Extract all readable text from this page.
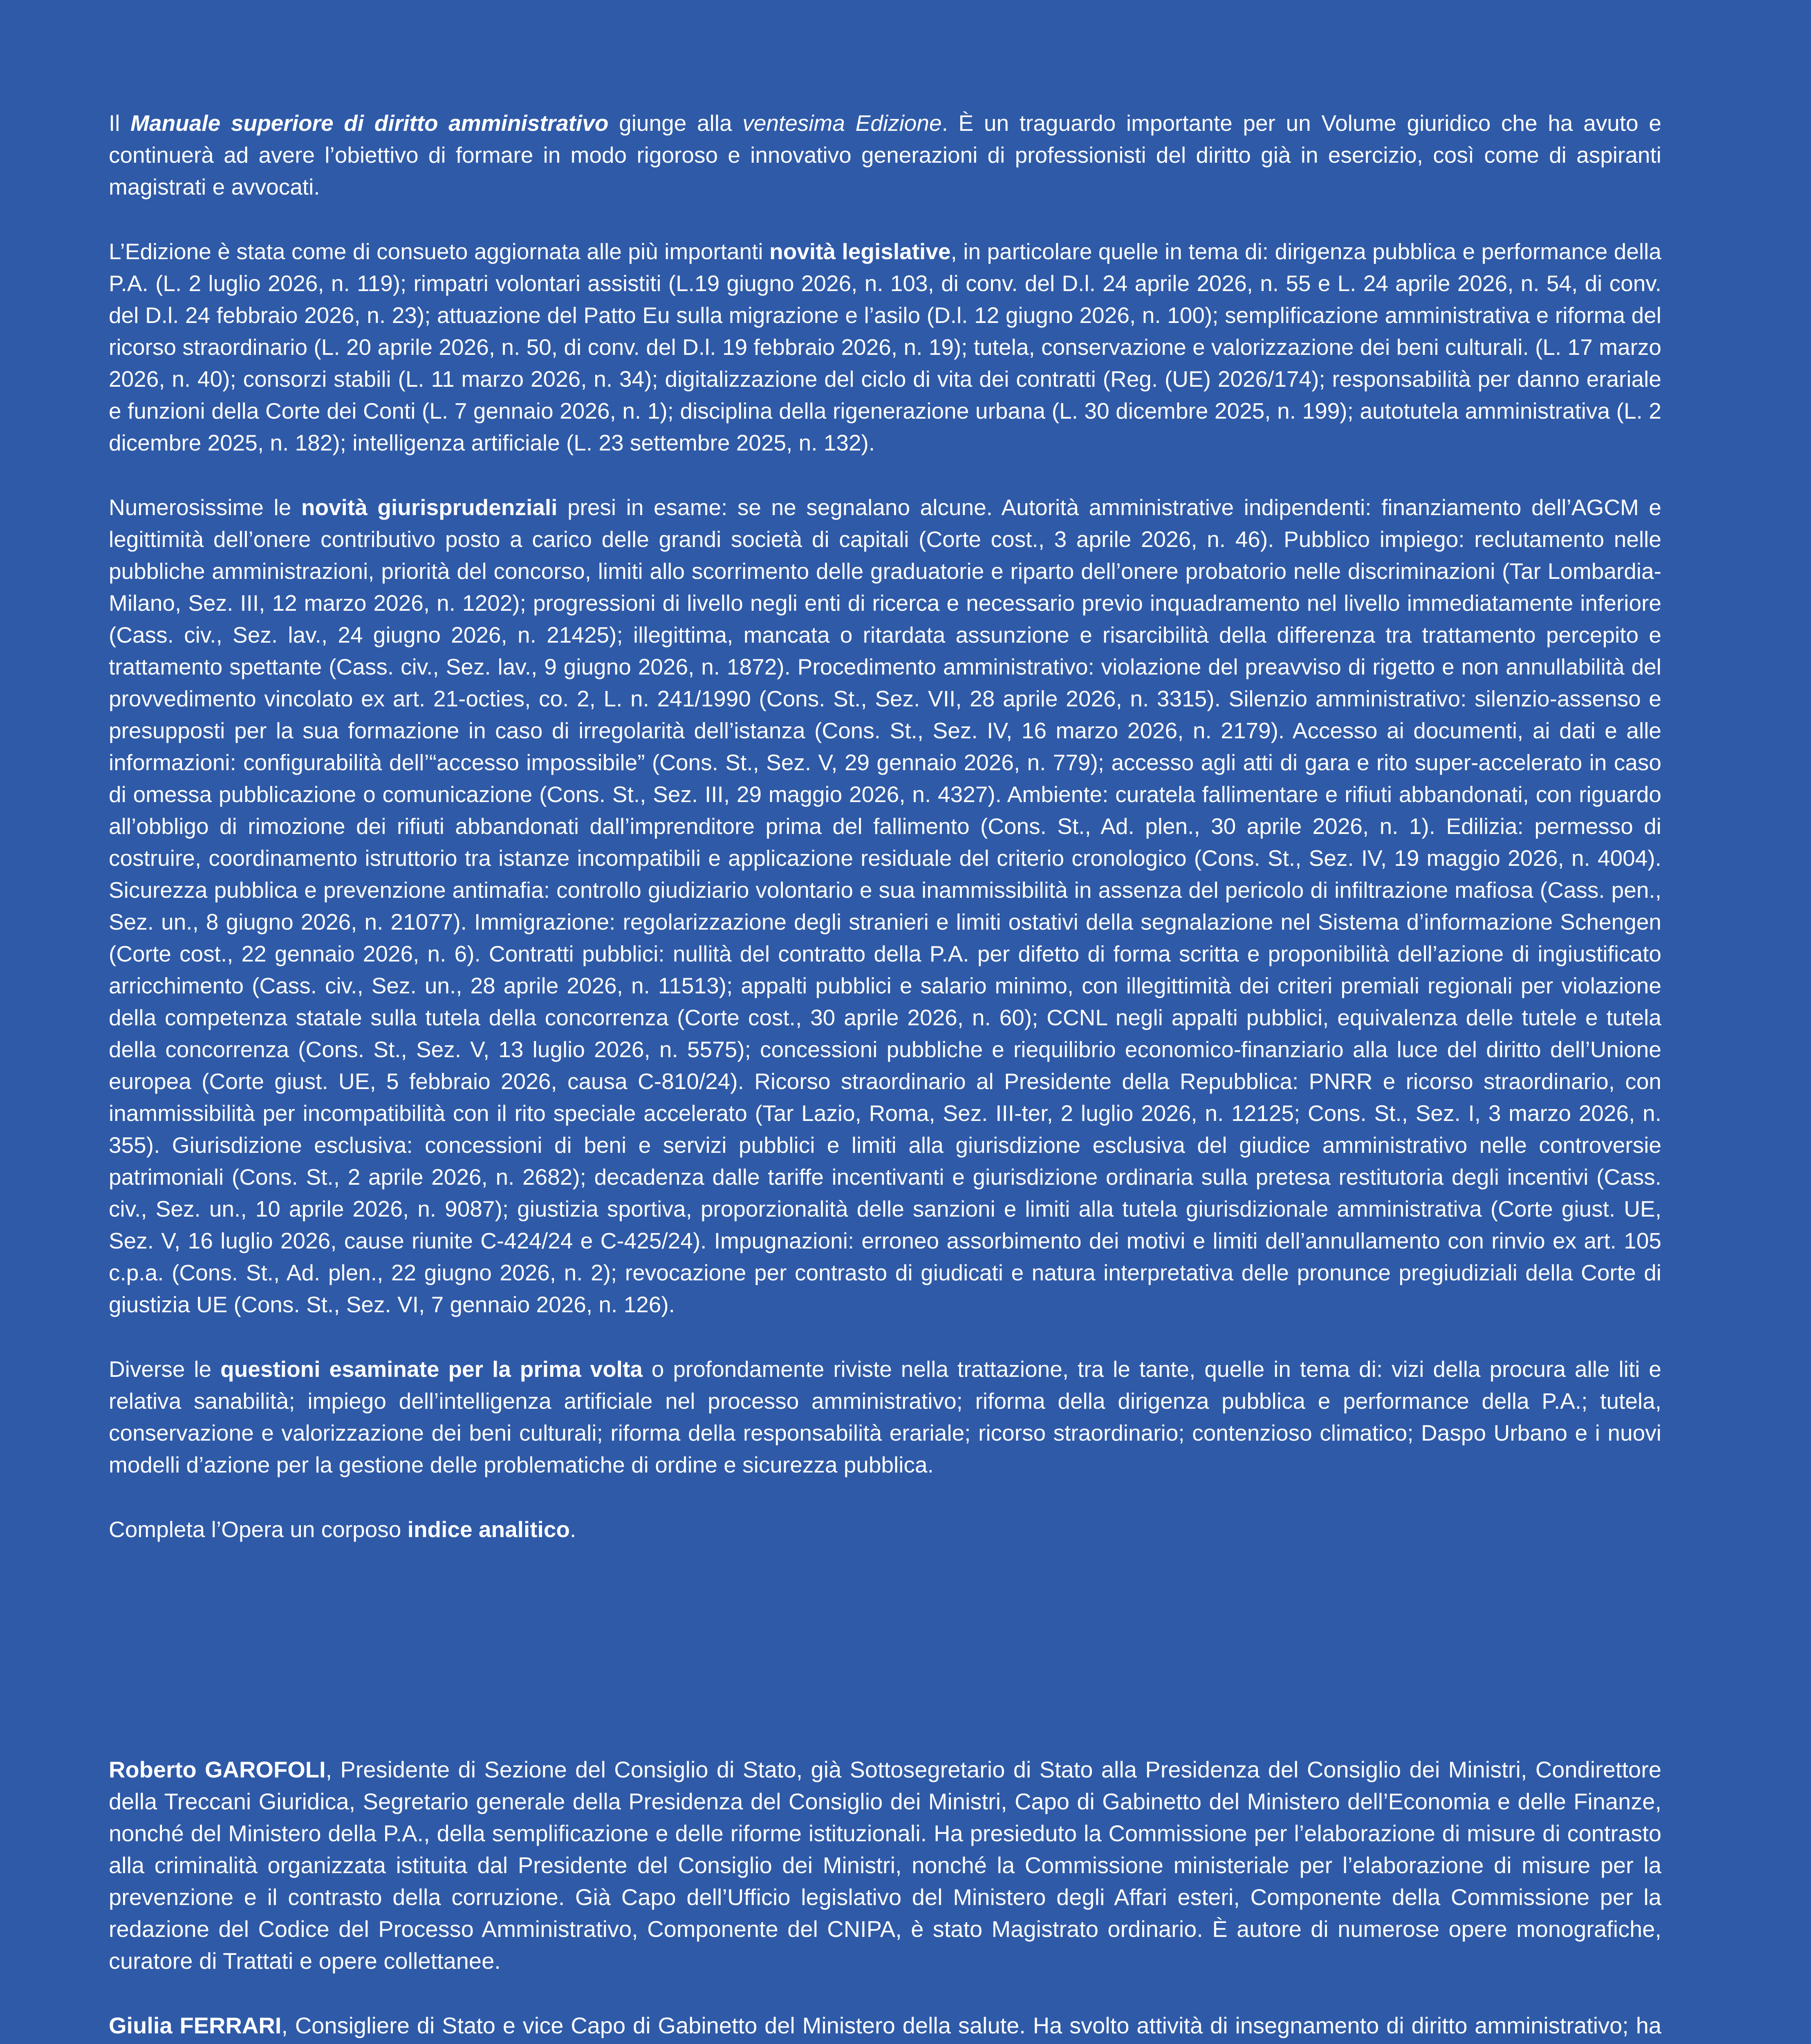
Il Manuale superiore di diritto amministrativo giunge alla ventesima Edizione. È un traguardo importante per un Volume giuridico che ha avuto e continuerà ad avere l’obiettivo di formare in modo rigoroso e innovativo generazioni di professionisti del diritto già in esercizio, così come di aspiranti magistrati e avvocati.

L’Edizione è stata come di consueto aggiornata alle più importanti novità legislative, in particolare quelle in tema di: dirigenza pubblica e performance della P.A. (L. 2 luglio 2026, n. 119); rimpatri volontari assistiti (L.19 giugno 2026, n. 103, di conv. del D.l. 24 aprile 2026, n. 55 e L. 24 aprile 2026, n. 54, di conv. del D.l. 24 febbraio 2026, n. 23); attuazione del Patto Eu sulla migrazione e l’asilo (D.l. 12 giugno 2026, n. 100); semplificazione amministrativa e riforma del ricorso straordinario (L. 20 aprile 2026, n. 50, di conv. del D.l. 19 febbraio 2026, n. 19); tutela, conservazione e valorizzazione dei beni culturali. (L. 17 marzo 2026, n. 40); consorzi stabili (L. 11 marzo 2026, n. 34); digitalizzazione del ciclo di vita dei contratti (Reg. (UE) 2026/174); responsabilità per danno erariale e funzioni della Corte dei Conti (L. 7 gennaio 2026, n. 1); disciplina della rigenerazione urbana (L. 30 dicembre 2025, n. 199); autotutela amministrativa (L. 2 dicembre 2025, n. 182); intelligenza artificiale (L. 23 settembre 2025, n. 132).

Numerosissime le novità giurisprudenziali presi in esame: se ne segnalano alcune. Autorità amministrative indipendenti: finanziamento dell’AGCM e legittimità dell’onere contributivo posto a carico delle grandi società di capitali (Corte cost., 3 aprile 2026, n. 46). Pubblico impiego: reclutamento nelle pubbliche amministrazioni, priorità del concorso, limiti allo scorrimento delle graduatorie e riparto dell’onere probatorio nelle discriminazioni (Tar Lombardia-Milano, Sez. III, 12 marzo 2026, n. 1202); progressioni di livello negli enti di ricerca e necessario previo inquadramento nel livello immediatamente inferiore (Cass. civ., Sez. lav., 24 giugno 2026, n. 21425); illegittima, mancata o ritardata assunzione e risarcibilità della differenza tra trattamento percepito e trattamento spettante (Cass. civ., Sez. lav., 9 giugno 2026, n. 1872). Procedimento amministrativo: violazione del preavviso di rigetto e non annullabilità del provvedimento vincolato ex art. 21-octies, co. 2, L. n. 241/1990 (Cons. St., Sez. VII, 28 aprile 2026, n. 3315). Silenzio amministrativo: silenzio-assenso e presupposti per la sua formazione in caso di irregolarità dell’istanza (Cons. St., Sez. IV, 16 marzo 2026, n. 2179). Accesso ai documenti, ai dati e alle informazioni: configurabilità dell’“accesso impossibile” (Cons. St., Sez. V, 29 gennaio 2026, n. 779); accesso agli atti di gara e rito super-accelerato in caso di omessa pubblicazione o comunicazione (Cons. St., Sez. III, 29 maggio 2026, n. 4327). Ambiente: curatela fallimentare e rifiuti abbandonati, con riguardo all’obbligo di rimozione dei rifiuti abbandonati dall’imprenditore prima del fallimento (Cons. St., Ad. plen., 30 aprile 2026, n. 1). Edilizia: permesso di costruire, coordinamento istruttorio tra istanze incompatibili e applicazione residuale del criterio cronologico (Cons. St., Sez. IV, 19 maggio 2026, n. 4004). Sicurezza pubblica e prevenzione antimafia: controllo giudiziario volontario e sua inammissibilità in assenza del pericolo di infiltrazione mafiosa (Cass. pen., Sez. un., 8 giugno 2026, n. 21077). Immigrazione: regolarizzazione degli stranieri e limiti ostativi della segnalazione nel Sistema d’informazione Schengen (Corte cost., 22 gennaio 2026, n. 6). Contratti pubblici: nullità del contratto della P.A. per difetto di forma scritta e proponibilità dell’azione di ingiustificato arricchimento (Cass. civ., Sez. un., 28 aprile 2026, n. 11513); appalti pubblici e salario minimo, con illegittimità dei criteri premiali regionali per violazione della competenza statale sulla tutela della concorrenza (Corte cost., 30 aprile 2026, n. 60); CCNL negli appalti pubblici, equivalenza delle tutele e tutela della concorrenza (Cons. St., Sez. V, 13 luglio 2026, n. 5575); concessioni pubbliche e riequilibrio economico-finanziario alla luce del diritto dell’Unione europea (Corte giust. UE, 5 febbraio 2026, causa C-810/24). Ricorso straordinario al Presidente della Repubblica: PNRR e ricorso straordinario, con inammissibilità per incompatibilità con il rito speciale accelerato (Tar Lazio, Roma, Sez. III-ter, 2 luglio 2026, n. 12125; Cons. St., Sez. I, 3 marzo 2026, n. 355). Giurisdizione esclusiva: concessioni di beni e servizi pubblici e limiti alla giurisdizione esclusiva del giudice amministrativo nelle controversie patrimoniali (Cons. St., 2 aprile 2026, n. 2682); decadenza dalle tariffe incentivanti e giurisdizione ordinaria sulla pretesa restitutoria degli incentivi (Cass. civ., Sez. un., 10 aprile 2026, n. 9087); giustizia sportiva, proporzionalità delle sanzioni e limiti alla tutela giurisdizionale amministrativa (Corte giust. UE, Sez. V, 16 luglio 2026, cause riunite C-424/24 e C-425/24). Impugnazioni: erroneo assorbimento dei motivi e limiti dell’annullamento con rinvio ex art. 105 c.p.a. (Cons. St., Ad. plen., 22 giugno 2026, n. 2); revocazione per contrasto di giudicati e natura interpretativa delle pronunce pregiudiziali della Corte di giustizia UE (Cons. St., Sez. VI, 7 gennaio 2026, n. 126).

Diverse le questioni esaminate per la prima volta o profondamente riviste nella trattazione, tra le tante, quelle in tema di: vizi della procura alle liti e relativa sanabilità; impiego dell’intelligenza artificiale nel processo amministrativo; riforma della dirigenza pubblica e performance della P.A.; tutela, conservazione e valorizzazione dei beni culturali; riforma della responsabilità erariale; ricorso straordinario; contenzioso climatico; Daspo Urbano e i nuovi modelli d’azione per la gestione delle problematiche di ordine e sicurezza pubblica.

Completa l’Opera un corposo indice analitico.

Roberto GAROFOLI, Presidente di Sezione del Consiglio di Stato, già Sottosegretario di Stato alla Presidenza del Consiglio dei Ministri, Condirettore della Treccani Giuridica, Segretario generale della Presidenza del Consiglio dei Ministri, Capo di Gabinetto del Ministero dell’Economia e delle Finanze, nonché del Ministero della P.A., della semplificazione e delle riforme istituzionali. Ha presieduto la Commissione per l’elaborazione di misure di contrasto alla criminalità organizzata istituita dal Presidente del Consiglio dei Ministri, nonché la Commissione ministeriale per l’elaborazione di misure per la prevenzione e il contrasto della corruzione. Già Capo dell’Ufficio legislativo del Ministero degli Affari esteri, Componente della Commissione per la redazione del Codice del Processo Amministrativo, Componente del CNIPA, è stato Magistrato ordinario. È autore di numerose opere monografiche, curatore di Trattati e opere collettanee.

Giulia FERRARI, Consigliere di Stato e vice Capo di Gabinetto del Ministero della salute. Ha svolto attività di insegnamento di diritto amministrativo; ha
